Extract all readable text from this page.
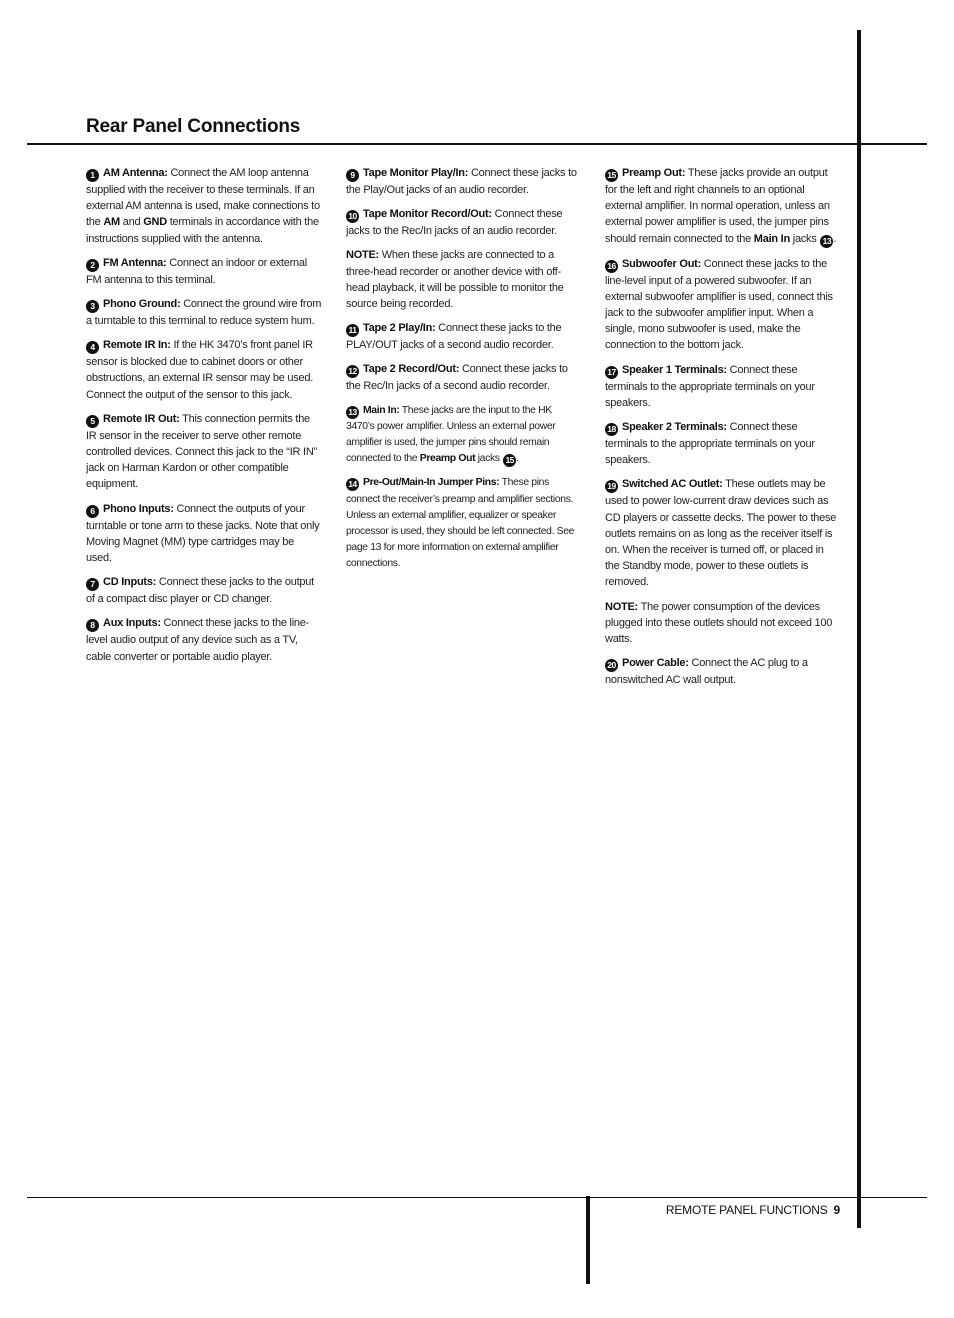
Rear Panel Connections

1 AM Antenna: Connect the AM loop antenna supplied with the receiver to these terminals. If an external AM antenna is used, make connections to the AM and GND terminals in accordance with the instructions supplied with the antenna.

2 FM Antenna: Connect an indoor or external FM antenna to this terminal.

3 Phono Ground: Connect the ground wire from a turntable to this terminal to reduce system hum.

4 Remote IR In: If the HK 3470’s front panel IR sensor is blocked due to cabinet doors or other obstructions, an external IR sensor may be used. Connect the output of the sensor to this jack.

5 Remote IR Out: This connection permits the IR sensor in the receiver to serve other remote controlled devices. Connect this jack to the “IR IN” jack on Harman Kardon or other compatible equipment.

6 Phono Inputs: Connect the outputs of your turntable or tone arm to these jacks. Note that only Moving Magnet (MM) type cartridges may be used.

7 CD Inputs: Connect these jacks to the output of a compact disc player or CD changer.

8 Aux Inputs: Connect these jacks to the line-level audio output of any device such as a TV, cable converter or portable audio player.

9 Tape Monitor Play/In: Connect these jacks to the Play/Out jacks of an audio recorder.

10 Tape Monitor Record/Out: Connect these jacks to the Rec/In jacks of an audio recorder.

NOTE: When these jacks are connected to a three-head recorder or another device with off-head playback, it will be possible to monitor the source being recorded.

11 Tape 2 Play/In: Connect these jacks to the PLAY/OUT jacks of a second audio recorder.

12 Tape 2 Record/Out: Connect these jacks to the Rec/In jacks of a second audio recorder.

13 Main In: These jacks are the input to the HK 3470’s power amplifier. Unless an external power amplifier is used, the jumper pins should remain connected to the Preamp Out jacks 15 .

14 Pre-Out/Main-In Jumper Pins: These pins connect the receiver’s preamp and amplifier sections. Unless an external amplifier, equalizer or speaker processor is used, they should be left connected. See page 13 for more information on external amplifier connections.

15 Preamp Out: These jacks provide an output for the left and right channels to an optional external amplifier. In normal operation, unless an external power amplifier is used, the jumper pins should remain connected to the Main In jacks 13 .

16 Subwoofer Out: Connect these jacks to the line-level input of a powered subwoofer. If an external subwoofer amplifier is used, connect this jack to the subwoofer amplifier input. When a single, mono subwoofer is used, make the connection to the bottom jack.

17 Speaker 1 Terminals: Connect these terminals to the appropriate terminals on your speakers.

18 Speaker 2 Terminals: Connect these terminals to the appropriate terminals on your speakers.

19 Switched AC Outlet: These outlets may be used to power low-current draw devices such as CD players or cassette decks. The power to these outlets remains on as long as the receiver itself is on. When the receiver is turned off, or placed in the Standby mode, power to these outlets is removed.

NOTE: The power consumption of the devices plugged into these outlets should not exceed 100 watts.

20 Power Cable: Connect the AC plug to a nonswitched AC wall output.

REMOTE PANEL FUNCTIONS 9
